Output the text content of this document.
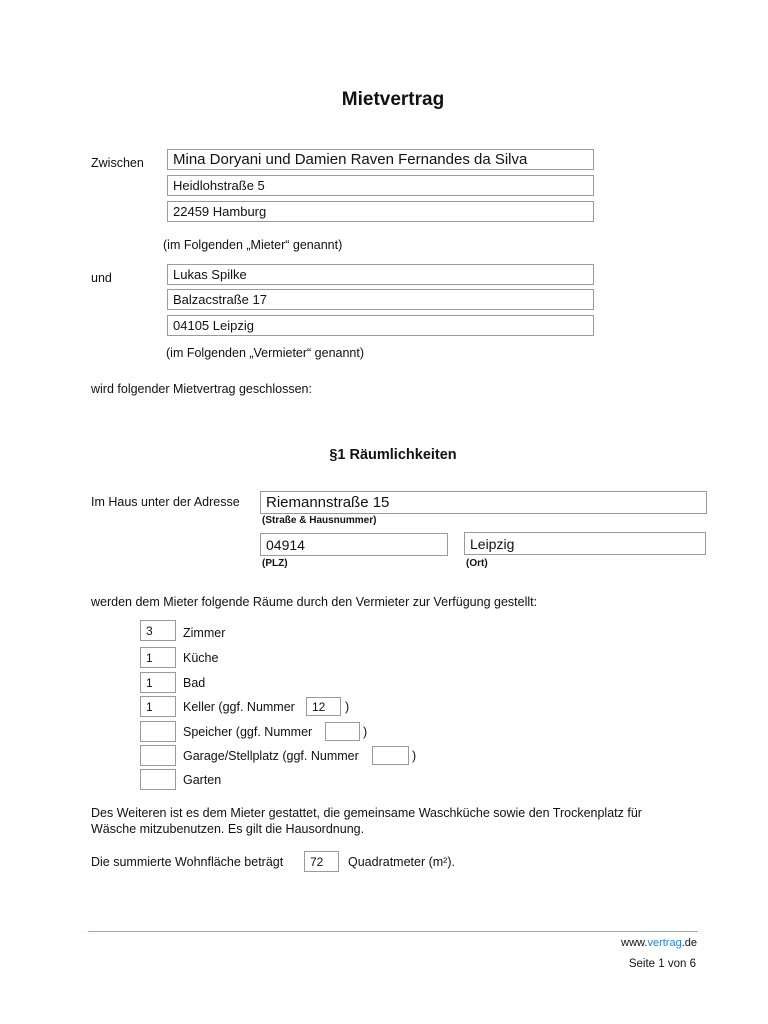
Mietvertrag
Zwischen	Mina Doryani und Damien Raven Fernandes da Silva
Heidlohstraße 5
22459 Hamburg
(im Folgenden „Mieter“ genannt)
und	Lukas Spilke
Balzacstraße 17
04105 Leipzig
(im Folgenden „Vermieter“ genannt)
wird folgender Mietvertrag geschlossen:
§1 Räumlichkeiten
Im Haus unter der Adresse	Riemannstraße 15
(Straße & Hausnummer)
04914
(PLZ)
Leipzig
(Ort)
werden dem Mieter folgende Räume durch den Vermieter zur Verfügung gestellt:
3	Zimmer
1	Küche
1	Bad
1	Keller (ggf. Nummer	12	)
Speicher (ggf. Nummer	)
Garage/Stellplatz (ggf. Nummer	)
Garten
Des Weiteren ist es dem Mieter gestattet, die gemeinsame Waschküche sowie den Trockenplatz für
Wäsche mitzubenutzen. Es gilt die Hausordnung.
Die summierte Wohnfläche beträgt	72	Quadratmeter (m²).
www.vertrag.de
Seite 1 von 6
